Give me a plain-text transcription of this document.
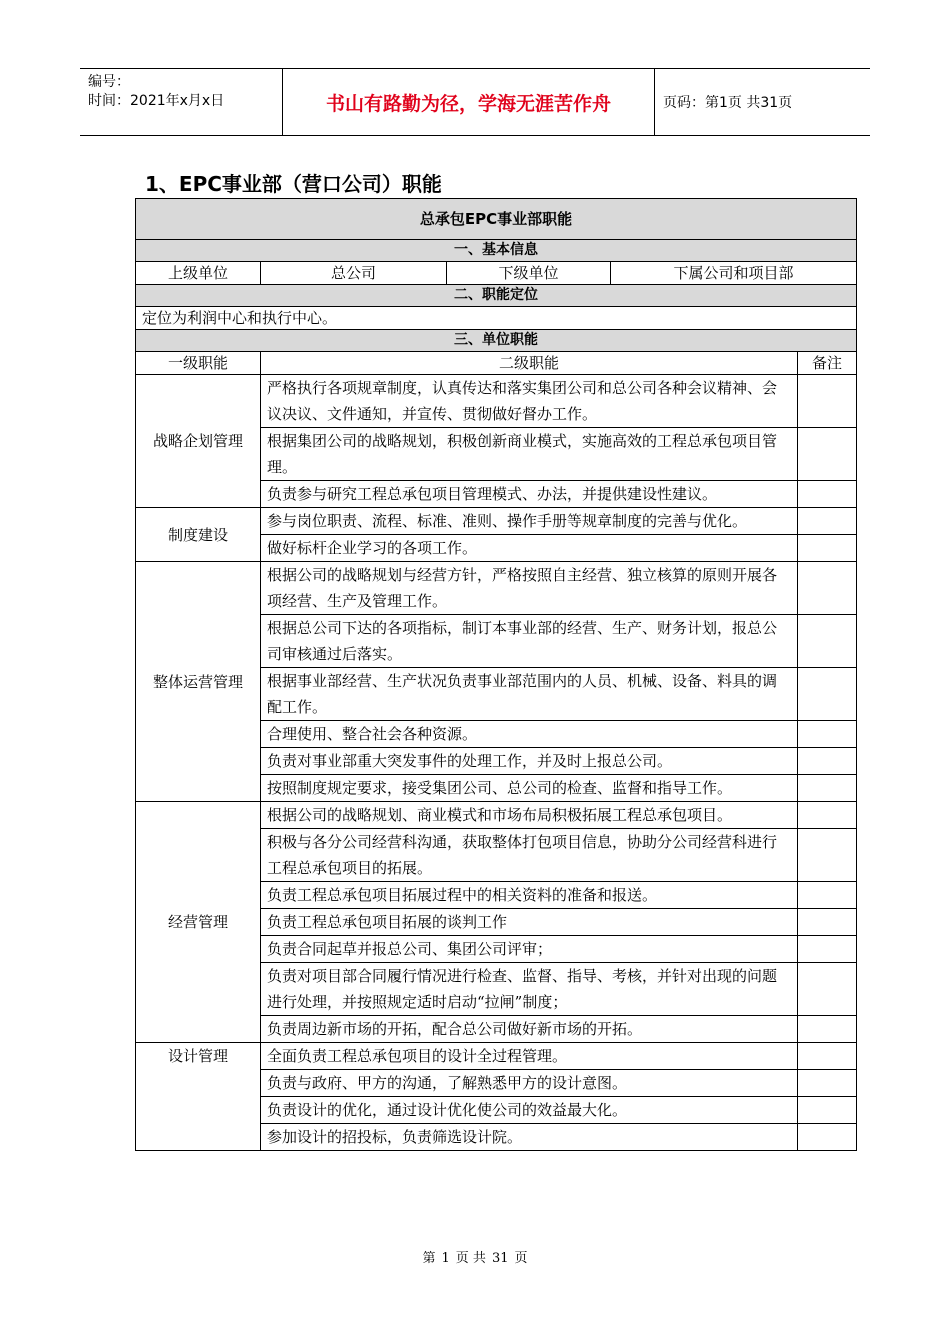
编号：
时间：2021年x月x日	书山有路勤为径，学海无涯苦作舟	页码：第1页 共31页
1、EPC事业部（营口公司）职能
总承包EPC事业部职能				
一、基本信息				
上级单位	总公司	下级单位	下属公司和项目部	
二、职能定位				
定位为利润中心和执行中心。				
三、单位职能				
一级职能	二级职能			备注
战略企划管理	严格执行各项规章制度，认真传达和落实集团公司和总公司各种会议精神、会议决议、文件通知，并宣传、贯彻做好督办工作。			
	根据集团公司的战略规划，积极创新商业模式，实施高效的工程总承包项目管理。			
	负责参与研究工程总承包项目管理模式、办法，并提供建设性建议。			
制度建设	参与岗位职责、流程、标准、准则、操作手册等规章制度的完善与优化。			
	做好标杆企业学习的各项工作。			
整体运营管理	根据公司的战略规划与经营方针，严格按照自主经营、独立核算的原则开展各项经营、生产及管理工作。			
	根据总公司下达的各项指标，制订本事业部的经营、生产、财务计划，报总公司审核通过后落实。			
	根据事业部经营、生产状况负责事业部范围内的人员、机械、设备、料具的调配工作。			
	合理使用、整合社会各种资源。			
	负责对事业部重大突发事件的处理工作，并及时上报总公司。			
	按照制度规定要求，接受集团公司、总公司的检查、监督和指导工作。			
经营管理	根据公司的战略规划、商业模式和市场布局积极拓展工程总承包项目。			
	积极与各分公司经营科沟通，获取整体打包项目信息，协助分公司经营科进行工程总承包项目的拓展。			
	负责工程总承包项目拓展过程中的相关资料的准备和报送。			
	负责工程总承包项目拓展的谈判工作			
	负责合同起草并报总公司、集团公司评审；			
	负责对项目部合同履行情况进行检查、监督、指导、考核，并针对出现的问题进行处理，并按照规定适时启动“拉闸”制度；			
	负责周边新市场的开拓，配合总公司做好新市场的开拓。			
设计管理	全面负责工程总承包项目的设计全过程管理。			
	负责与政府、甲方的沟通，了解熟悉甲方的设计意图。			
	负责设计的优化，通过设计优化使公司的效益最大化。			
	参加设计的招投标，负责筛选设计院。			
第 1 页 共 31 页
